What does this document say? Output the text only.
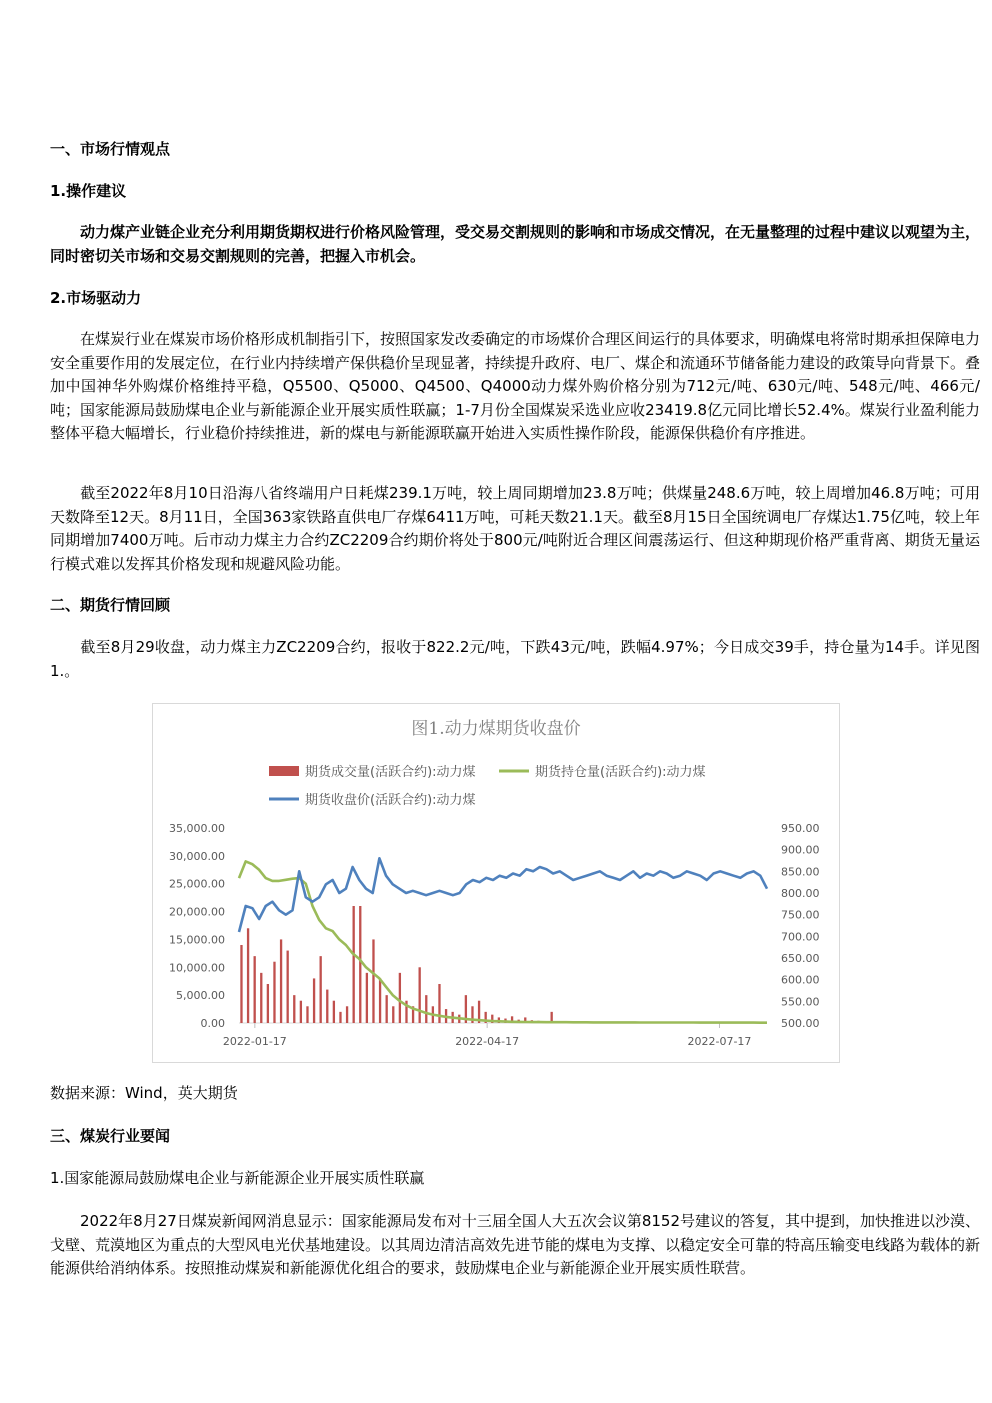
一、市场行情观点

1.操作建议

　　动力煤产业链企业充分利用期货期权进行价格风险管理，受交易交割规则的影响和市场成交情况，在无量整理的过程中建议以观望为主，同时密切关市场和交易交割规则的完善，把握入市机会。

2.市场驱动力

　　在煤炭行业在煤炭市场价格形成机制指引下，按照国家发改委确定的市场煤价合理区间运行的具体要求，明确煤电将常时期承担保障电力安全重要作用的发展定位，在行业内持续增产保供稳价呈现显著，持续提升政府、电厂、煤企和流通环节储备能力建设的政策导向背景下。叠加中国神华外购煤价格维持平稳，Q5500、Q5000、Q4500、Q4000动力煤外购价格分别为712元/吨、630元/吨、548元/吨、466元/吨；国家能源局鼓励煤电企业与新能源企业开展实质性联赢；1-7月份全国煤炭采选业应收23419.8亿元同比增长52.4%。煤炭行业盈利能力整体平稳大幅增长，行业稳价持续推进，新的煤电与新能源联赢开始进入实质性操作阶段，能源保供稳价有序推进。

　　截至2022年8月10日沿海八省终端用户日耗煤239.1万吨，较上周同期增加23.8万吨；供煤量248.6万吨，较上周增加46.8万吨；可用天数降至12天。8月11日，全国363家铁路直供电厂存煤6411万吨，可耗天数21.1天。截至8月15日全国统调电厂存煤达1.75亿吨，较上年同期增加7400万吨。后市动力煤主力合约ZC2209合约期价将处于800元/吨附近合理区间震荡运行、但这种期现价格严重背离、期货无量运行模式难以发挥其价格发现和规避风险功能。

二、期货行情回顾

　　截至8月29收盘，动力煤主力ZC2209合约，报收于822.2元/吨，下跌43元/吨，跌幅4.97%；今日成交39手，持仓量为14手。详见图1.。

图1.动力煤期货收盘价
期货成交量(活跃合约):动力煤	期货持仓量(活跃合约):动力煤
期货收盘价(活跃合约):动力煤
35,000.00
30,000.00
25,000.00
20,000.00
15,000.00
10,000.00
5,000.00
0.00
950.00
900.00
850.00
800.00
750.00
700.00
650.00
600.00
550.00
500.00
2022-01-17	2022-04-17	2022-07-17

数据来源：Wind，英大期货

三、煤炭行业要闻

1.国家能源局鼓励煤电企业与新能源企业开展实质性联赢

　　2022年8月27日煤炭新闻网消息显示：国家能源局发布对十三届全国人大五次会议第8152号建议的答复，其中提到，加快推进以沙漠、戈壁、荒漠地区为重点的大型风电光伏基地建设。以其周边清洁高效先进节能的煤电为支撑、以稳定安全可靠的特高压输变电线路为载体的新能源供给消纳体系。按照推动煤炭和新能源优化组合的要求，鼓励煤电企业与新能源企业开展实质性联营。
